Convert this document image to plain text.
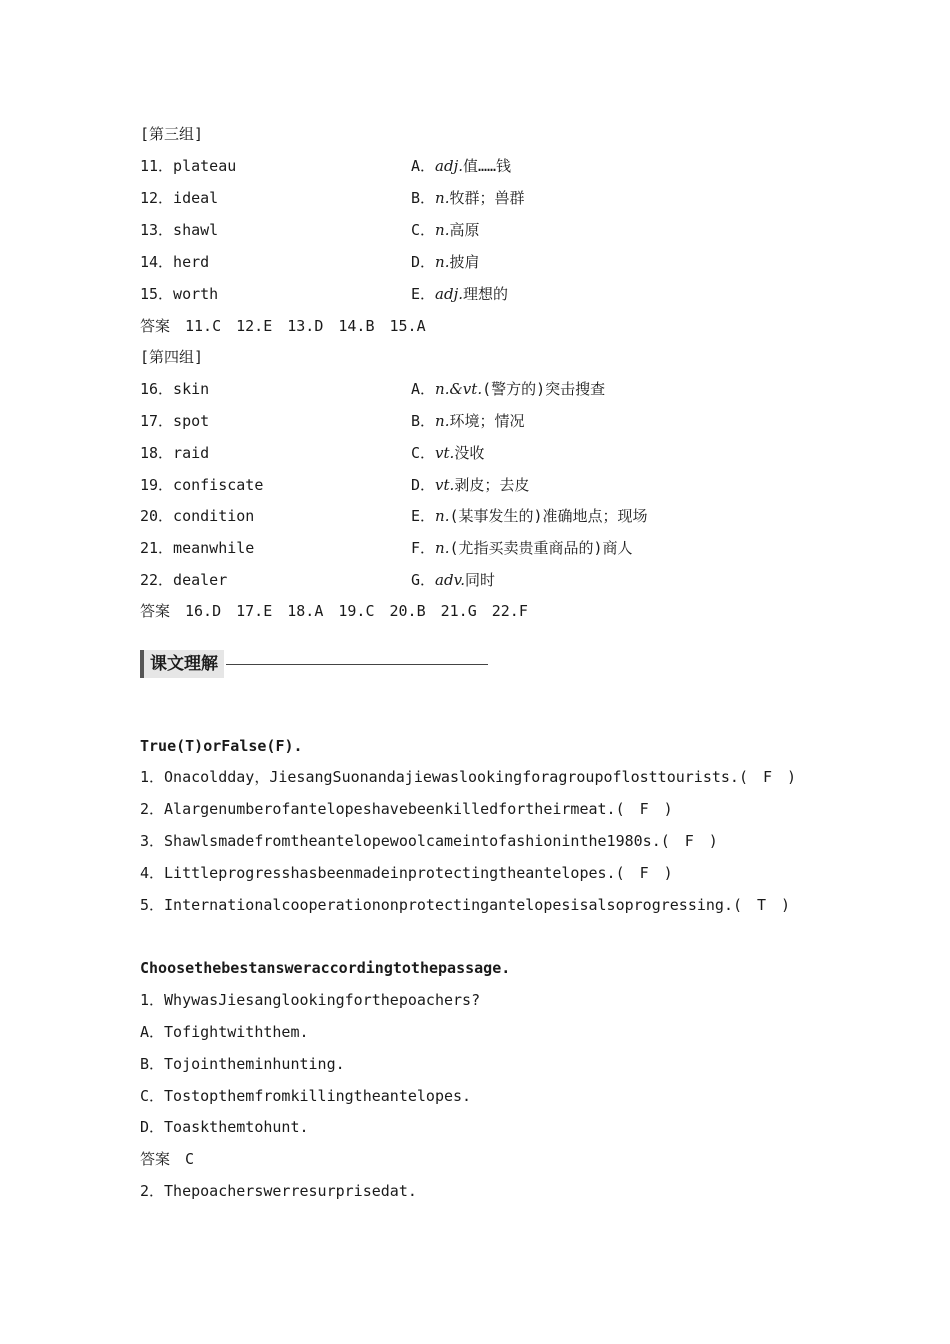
[第三组]
11．plateau	A．adj.值……钱
12．ideal	B．n.牧群；兽群
13．shawl	C．n.高原
14．herd	D．n.披肩
15．worth	E．adj.理想的
答案　11.C　12.E　13.D　14.B　15.A
[第四组]
16．skin	A．n.&vt.(警方的)突击搜查
17．spot	B．n.环境；情况
18．raid	C．vt.没收
19．confiscate	D．vt.剥皮；去皮
20．condition	E．n.(某事发生的)准确地点；现场
21．meanwhile	F．n.(尤指买卖贵重商品的)商人
22．dealer	G．adv.同时
答案　16.D　17.E　18.A　19.C　20.B　21.G　22.F
课文理解
True(T)orFalse(F).
1．Onacoldday，JiesangSuonandajiewaslookingforagroupoflosttourists.(　F　)
2．Alargenumberofantelopeshavebeenkilledfortheirmeat.(　F　)
3．Shawlsmadefromtheantelopewoolcameintofashioninthe1980s.(　F　)
4．Littleprogresshasbeenmadeinprotectingtheantelopes.(　F　)
5．Internationalcooperationonprotectingantelopesisalsoprogressing.(　T　)
Choosethebestansweraccordingtothepassage.
1．WhywasJiesanglookingforthepoachers?
A．Tofightwiththem.
B．Tojointheminhunting.
C．Tostopthemfromkillingtheantelopes.
D．Toaskthemtohunt.
答案　C
2．Thepoacherswerresurprisedat.
